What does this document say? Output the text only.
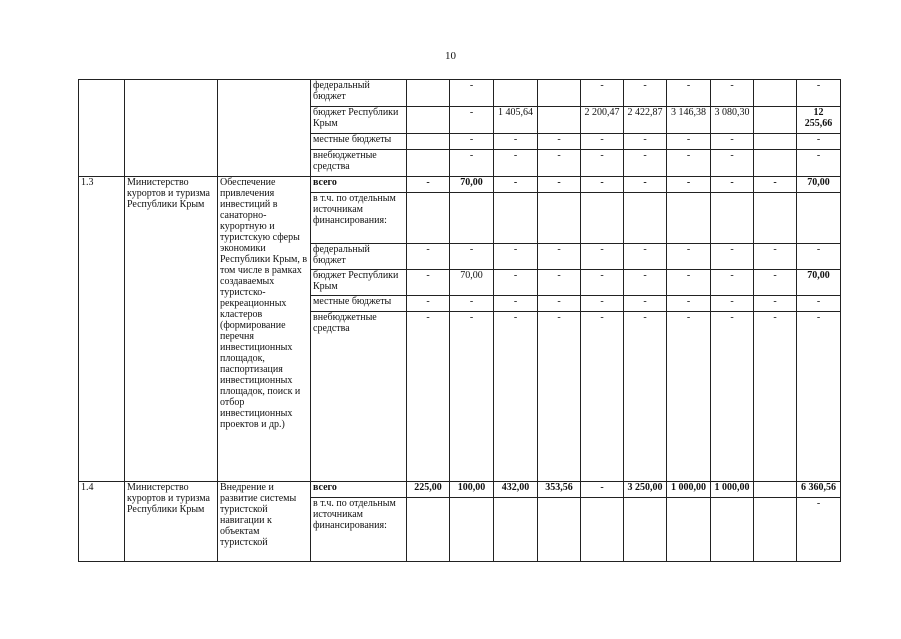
10
			федеральный бюджет		-			-	-	-	-		-
			бюджет Республики Крым		-	1 405,64		2 200,47	2 422,87	3 146,38	3 080,30		12 255,66
			местные бюджеты		-	-	-	-	-	-	-		-
			внебюджетные средства		-	-	-	-	-	-	-		-
1.3	Министерство курортов и туризма Республики Крым	Обеспечение привлечения инвестиций в санаторно-курортную и туристскую сферы экономики Республики Крым, в том числе в рамках создаваемых туристско-рекреационных кластеров (формирование перечня инвестиционных площадок, паспортизация инвестиционных площадок, поиск и отбор инвестиционных проектов и др.)	всего	-	70,00	-	-	-	-	-	-	-	70,00
			в т.ч. по отдельным источникам финансирования:										
			федеральный бюджет	-	-	-	-	-	-	-	-	-	-
			бюджет Республики Крым	-	70,00	-	-	-	-	-	-	-	70,00
			местные бюджеты	-	-	-	-	-	-	-	-	-	-
			внебюджетные средства	-	-	-	-	-	-	-	-	-	-
1.4	Министерство курортов и туризма Республики Крым	Внедрение и развитие системы туристской навигации к объектам туристской	всего	225,00	100,00	432,00	353,56	-	3 250,00	1 000,00	1 000,00		6 360,56
			в т.ч. по отдельным источникам финансирования:										-
